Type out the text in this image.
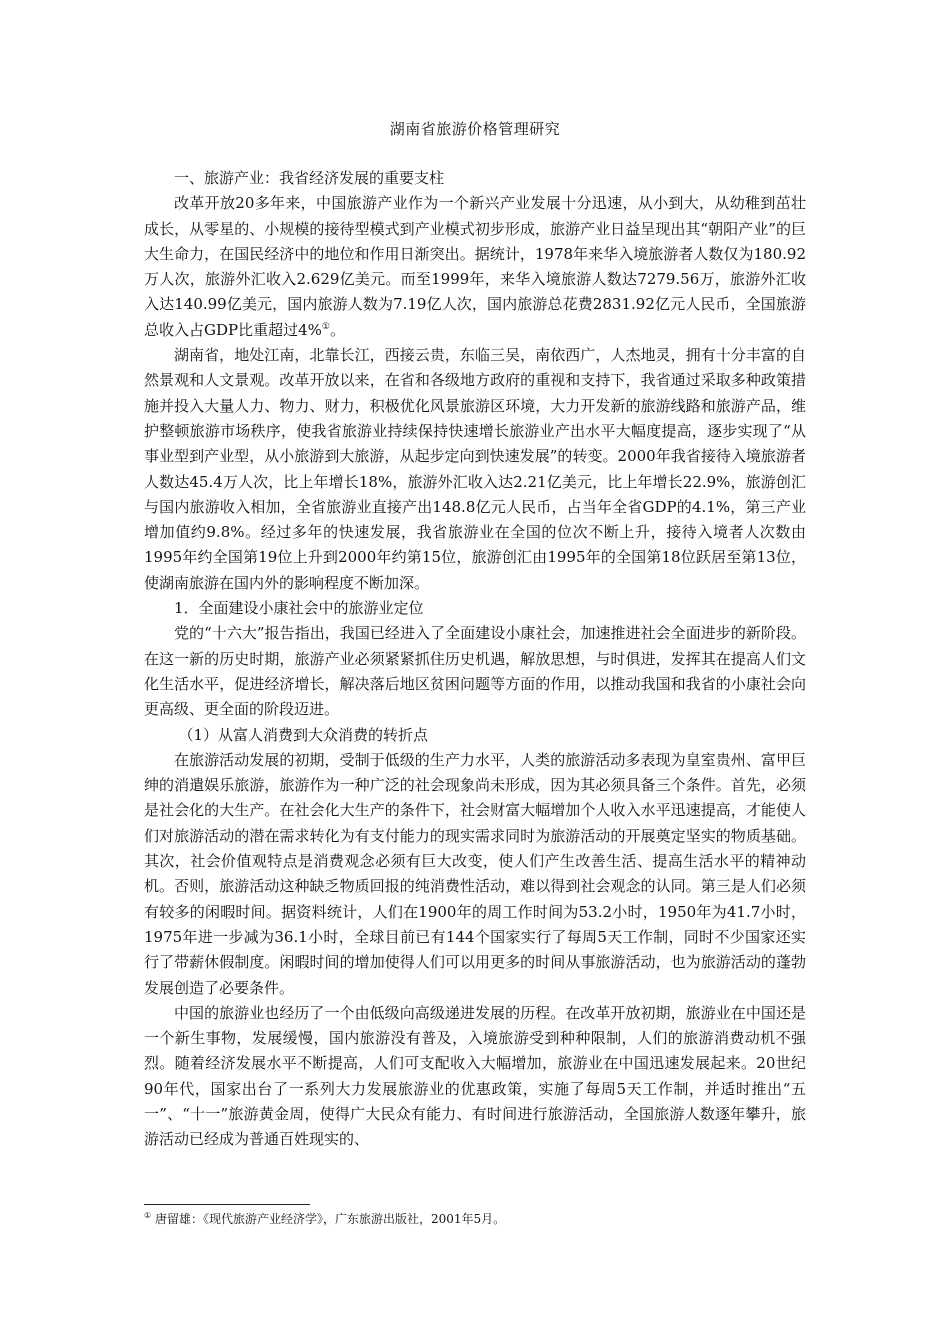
湖南省旅游价格管理研究

一、旅游产业：我省经济发展的重要支柱

改革开放20多年来，中国旅游产业作为一个新兴产业发展十分迅速，从小到大，从幼稚到茁壮成长，从零星的、小规模的接待型模式到产业模式初步形成，旅游产业日益呈现出其“朝阳产业”的巨大生命力，在国民经济中的地位和作用日渐突出。据统计，1978年来华入境旅游者人数仅为180.92万人次，旅游外汇收入2.629亿美元。而至1999年，来华入境旅游人数达7279.56万，旅游外汇收入达140.99亿美元，国内旅游人数为7.19亿人次，国内旅游总花费2831.92亿元人民币，全国旅游总收入占GDP比重超过4%①。

湖南省，地处江南，北靠长江，西接云贵，东临三吴，南依西广，人杰地灵，拥有十分丰富的自然景观和人文景观。改革开放以来，在省和各级地方政府的重视和支持下，我省通过采取多种政策措施并投入大量人力、物力、财力，积极优化风景旅游区环境，大力开发新的旅游线路和旅游产品，维护整顿旅游市场秩序，使我省旅游业持续保持快速增长旅游业产出水平大幅度提高，逐步实现了“从事业型到产业型，从小旅游到大旅游，从起步定向到快速发展”的转变。2000年我省接待入境旅游者人数达45.4万人次，比上年增长18%，旅游外汇收入达2.21亿美元，比上年增长22.9%，旅游创汇与国内旅游收入相加，全省旅游业直接产出148.8亿元人民币，占当年全省GDP的4.1%，第三产业增加值约9.8%。经过多年的快速发展，我省旅游业在全国的位次不断上升，接待入境者人次数由1995年约全国第19位上升到2000年约第15位，旅游创汇由1995年的全国第18位跃居至第13位，使湖南旅游在国内外的影响程度不断加深。

1．全面建设小康社会中的旅游业定位

党的“十六大”报告指出，我国已经进入了全面建设小康社会，加速推进社会全面进步的新阶段。在这一新的历史时期，旅游产业必须紧紧抓住历史机遇，解放思想，与时俱进，发挥其在提高人们文化生活水平，促进经济增长，解决落后地区贫困问题等方面的作用，以推动我国和我省的小康社会向更高级、更全面的阶段迈进。

（1）从富人消费到大众消费的转折点

在旅游活动发展的初期，受制于低级的生产力水平，人类的旅游活动多表现为皇室贵州、富甲巨绅的消遣娱乐旅游，旅游作为一种广泛的社会现象尚未形成，因为其必须具备三个条件。首先，必须是社会化的大生产。在社会化大生产的条件下，社会财富大幅增加个人收入水平迅速提高，才能使人们对旅游活动的潜在需求转化为有支付能力的现实需求同时为旅游活动的开展奠定坚实的物质基础。其次，社会价值观特点是消费观念必须有巨大改变，使人们产生改善生活、提高生活水平的精神动机。否则，旅游活动这种缺乏物质回报的纯消费性活动，难以得到社会观念的认同。第三是人们必须有较多的闲暇时间。据资料统计，人们在1900年的周工作时间为53.2小时，1950年为41.7小时，1975年进一步减为36.1小时，全球目前已有144个国家实行了每周5天工作制，同时不少国家还实行了带薪休假制度。闲暇时间的增加使得人们可以用更多的时间从事旅游活动，也为旅游活动的蓬勃发展创造了必要条件。

中国的旅游业也经历了一个由低级向高级递进发展的历程。在改革开放初期，旅游业在中国还是一个新生事物，发展缓慢，国内旅游没有普及，入境旅游受到种种限制，人们的旅游消费动机不强烈。随着经济发展水平不断提高，人们可支配收入大幅增加，旅游业在中国迅速发展起来。20世纪90年代，国家出台了一系列大力发展旅游业的优惠政策，实施了每周5天工作制，并适时推出“五一”、“十一”旅游黄金周，使得广大民众有能力、有时间进行旅游活动，全国旅游人数逐年攀升，旅游活动已经成为普通百姓现实的、

① 唐留雄：《现代旅游产业经济学》，广东旅游出版社，2001年5月。
